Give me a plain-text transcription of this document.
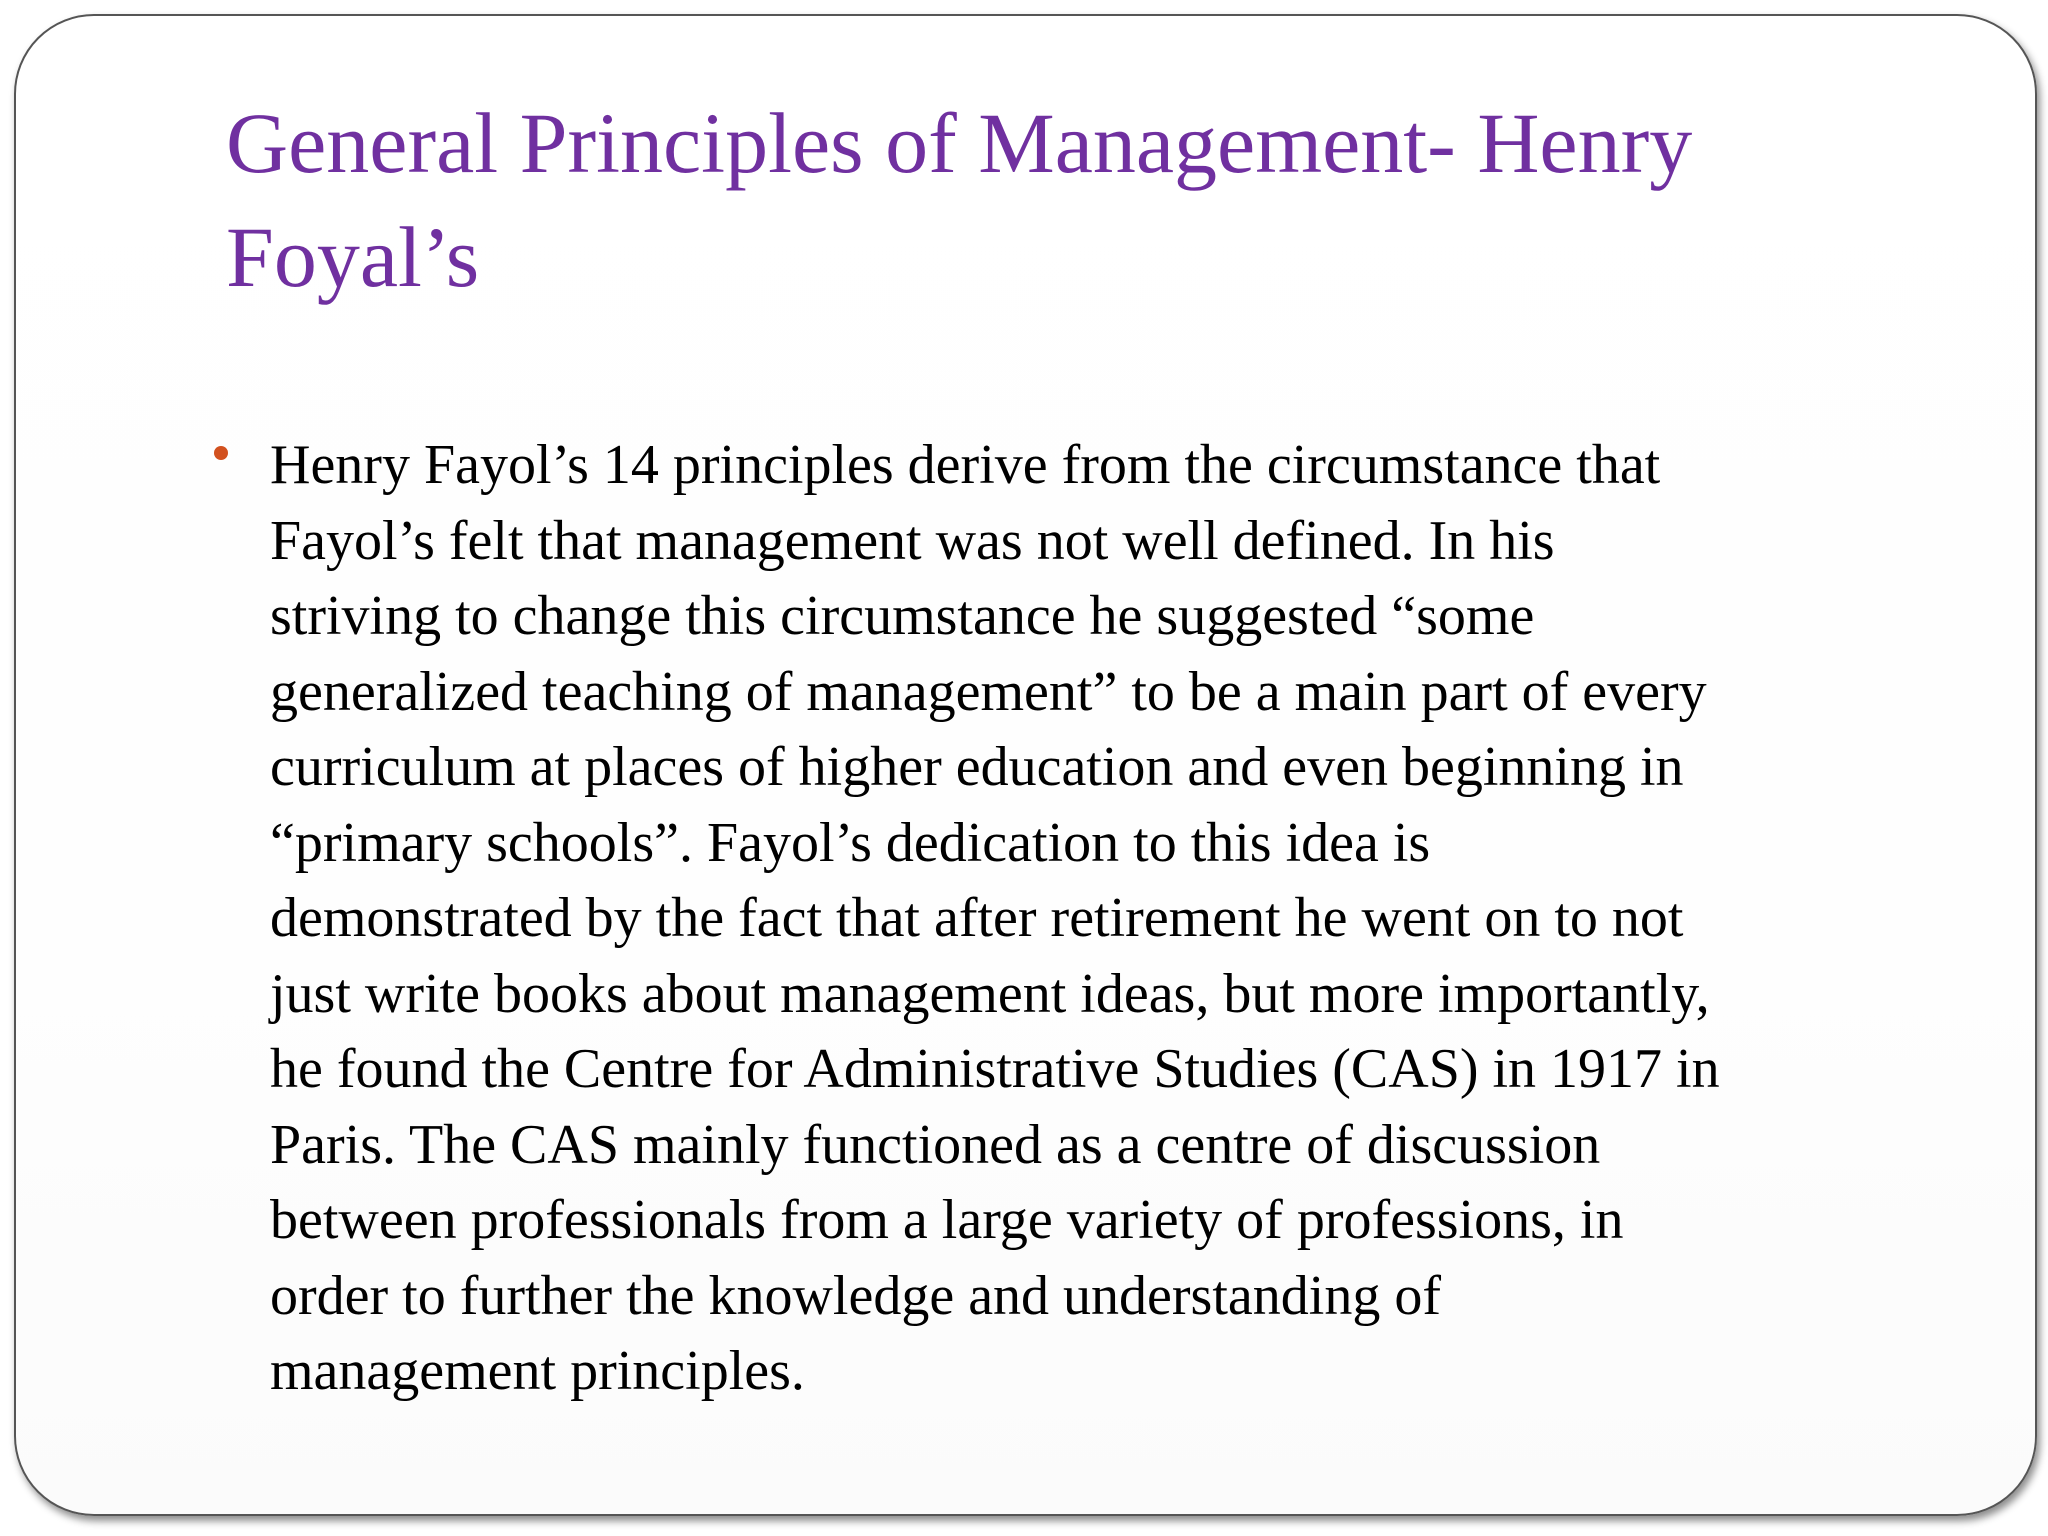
General Principles of Management- Henry Foyal’s
Henry Fayol’s 14 principles derive from the circumstance that
Fayol’s felt that management was not well defined. In his
striving to change this circumstance he suggested “some
generalized teaching of management” to be a main part of every
curriculum at places of higher education and even beginning in
“primary schools”. Fayol’s dedication to this idea is
demonstrated by the fact that after retirement he went on to not
just write books about management ideas, but more importantly,
he found the Centre for Administrative Studies (CAS) in 1917 in
Paris. The CAS mainly functioned as a centre of discussion
between professionals from a large variety of professions, in
order to further the knowledge and understanding of
management principles.
